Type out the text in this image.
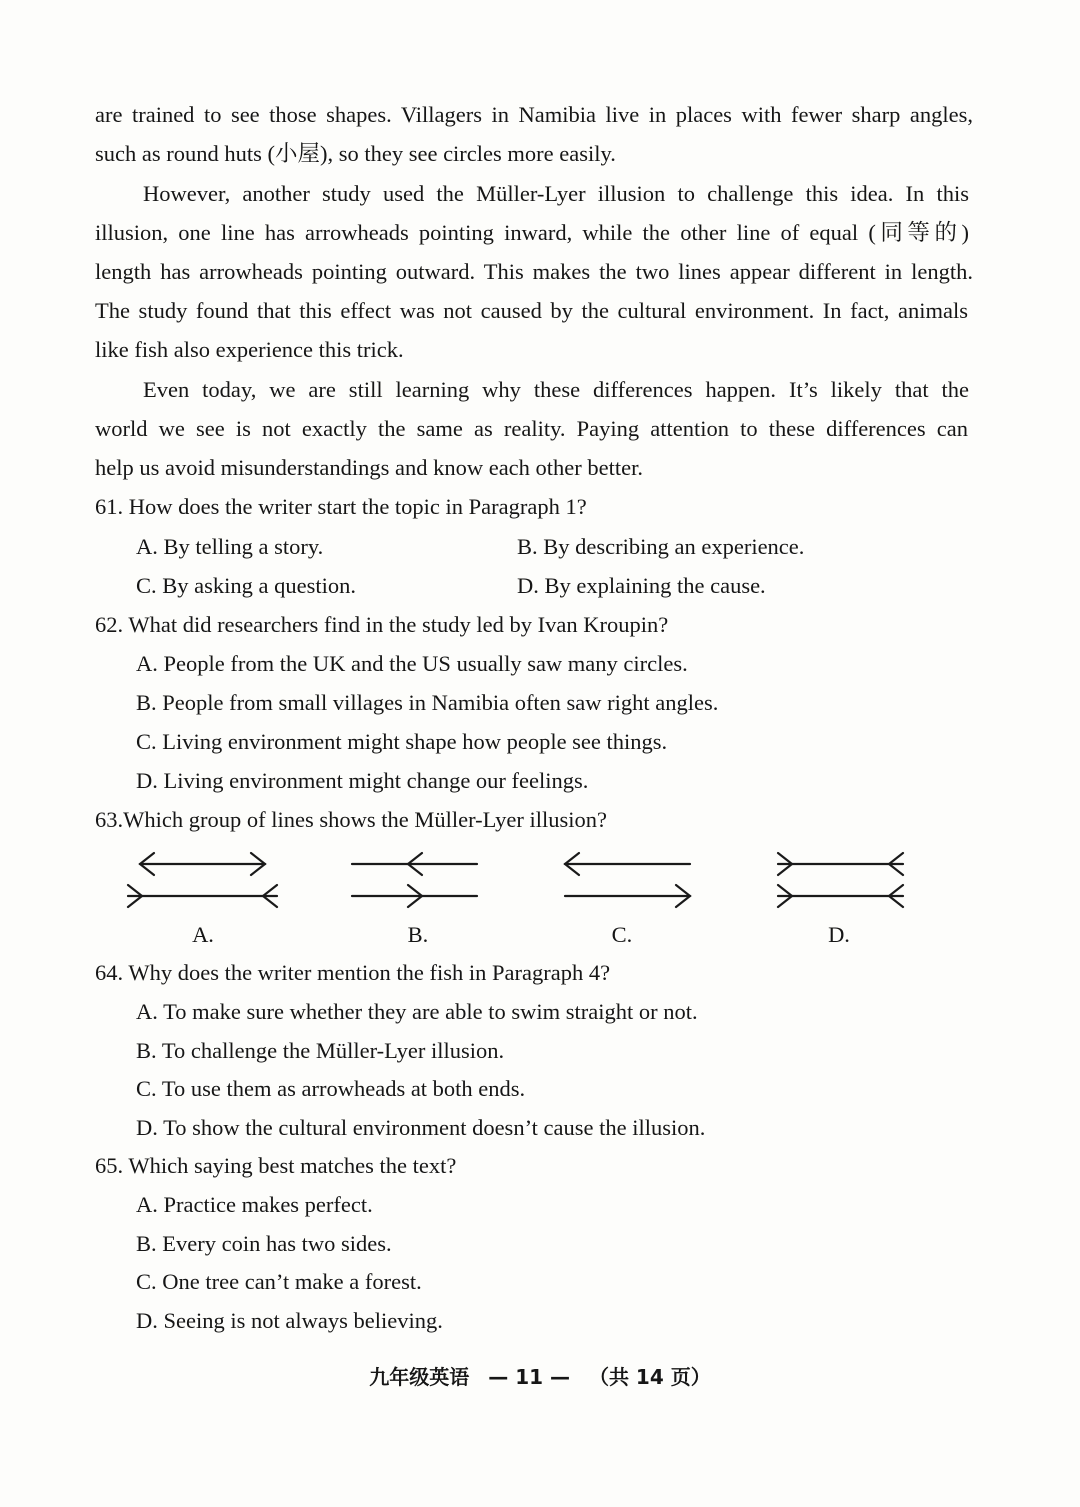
are trained to see those shapes. Villagers in Namibia live in places with fewer sharp angles,
such as round huts (小屋), so they see circles more easily.
However, another study used the Müller-Lyer illusion to challenge this idea. In this
illusion, one line has arrowheads pointing inward, while the other line of equal (同等的)
length has arrowheads pointing outward. This makes the two lines appear different in length.
The study found that this effect was not caused by the cultural environment. In fact, animals
like fish also experience this trick.
Even today, we are still learning why these differences happen. It’s likely that the
world we see is not exactly the same as reality. Paying attention to these differences can
help us avoid misunderstandings and know each other better.
61. How does the writer start the topic in Paragraph 1?
A. By telling a story.	B. By describing an experience.
C. By asking a question.	D. By explaining the cause.
62. What did researchers find in the study led by Ivan Kroupin?
A. People from the UK and the US usually saw many circles.
B. People from small villages in Namibia often saw right angles.
C. Living environment might shape how people see things.
D. Living environment might change our feelings.
63.Which group of lines shows the Müller-Lyer illusion?
A.	B.	C.	D.
64. Why does the writer mention the fish in Paragraph 4?
A. To make sure whether they are able to swim straight or not.
B. To challenge the Müller-Lyer illusion.
C. To use them as arrowheads at both ends.
D. To show the cultural environment doesn’t cause the illusion.
65. Which saying best matches the text?
A. Practice makes perfect.
B. Every coin has two sides.
C. One tree can’t make a forest.
D. Seeing is not always believing.
九年级英语 — 11 — （共 14 页）
